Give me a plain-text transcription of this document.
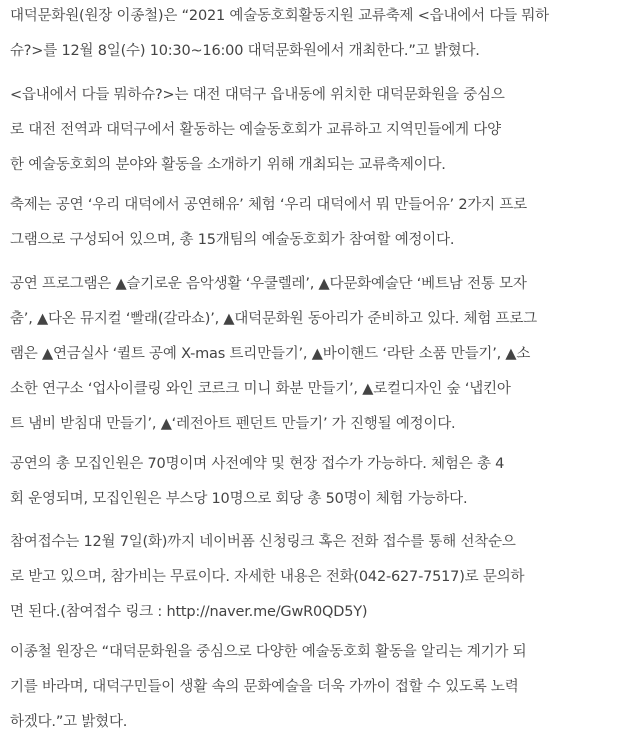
대덕문화원(원장 이종철)은 “2021 예술동호회활동지원 교류축제 <읍내에서 다들 뭐하
슈?>를 12월 8일(수) 10:30~16:00 대덕문화원에서 개최한다.”고 밝혔다.
<읍내에서 다들 뭐하슈?>는 대전 대덕구 읍내동에 위치한 대덕문화원을 중심으
로 대전 전역과 대덕구에서 활동하는 예술동호회가 교류하고 지역민들에게 다양
한 예술동호회의 분야와 활동을 소개하기 위해 개최되는 교류축제이다.
축제는 공연 ‘우리 대덕에서 공연해유’ 체험 ‘우리 대덕에서 뭐 만들어유’ 2가지 프로
그램으로 구성되어 있으며, 총 15개팀의 예술동호회가 참여할 예정이다.
공연 프로그램은 ▲슬기로운 음악생활 ‘우쿨렐레’, ▲다문화예술단 ‘베트남 전통 모자
춤’, ▲다온 뮤지컬 ‘빨래(갈라쇼)’, ▲대덕문화원 동아리가 준비하고 있다. 체험 프로그
램은 ▲연금실사 ‘퀼트 공예 X-mas 트리만들기’, ▲바이핸드 ‘라탄 소품 만들기’, ▲소
소한 연구소 ‘업사이클링 와인 코르크 미니 화분 만들기’, ▲로컬디자인 숲 ‘냅킨아
트 냄비 받침대 만들기’, ▲‘레전아트 펜던트 만들기’ 가 진행될 예정이다.
공연의 총 모집인원은 70명이며 사전예약 및 현장 접수가 가능하다. 체험은 총 4
회 운영되며, 모집인원은 부스당 10명으로 회당 총 50명이 체험 가능하다.
참여접수는 12월 7일(화)까지 네이버폼 신청링크 혹은 전화 접수를 통해 선착순으
로 받고 있으며, 참가비는 무료이다. 자세한 내용은 전화(042-627-7517)로 문의하
면 된다.(참여접수 링크 : http://naver.me/GwR0QD5Y)
이종철 원장은 “대덕문화원을 중심으로 다양한 예술동호회 활동을 알리는 계기가 되
기를 바라며, 대덕구민들이 생활 속의 문화예술을 더욱 가까이 접할 수 있도록 노력
하겠다.”고 밝혔다.
